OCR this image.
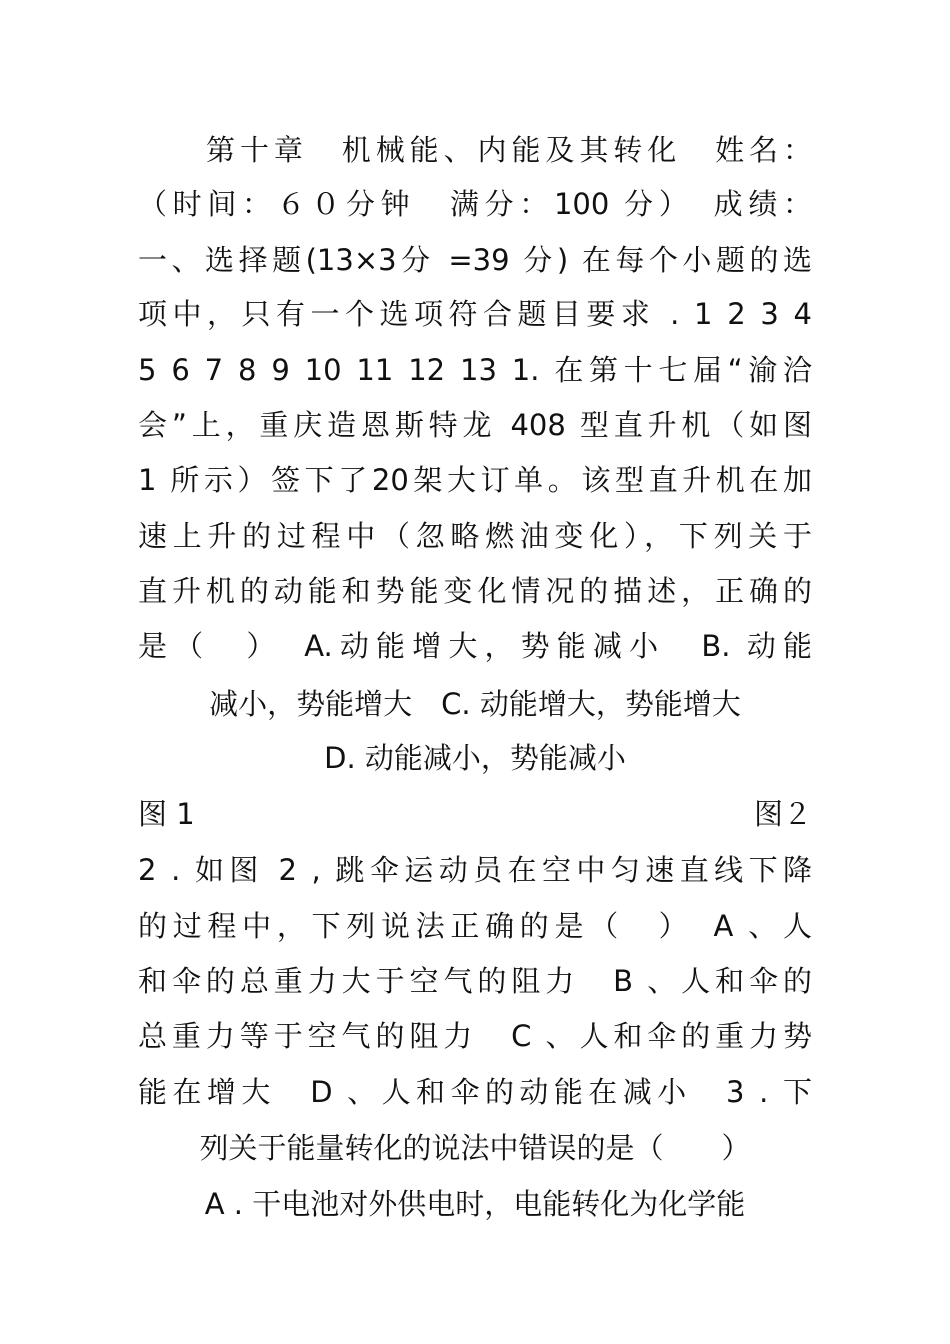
第十章　机械能、内能及其转化　姓名：
（时间：６０分钟　满分：100 分）　成绩：
一、选择题(13×3分 =39 分) 在每个小题的选
项中，只有一个选项符合题目要求 . 1 2 3 4
5 6 7 8 9 10 11 12 13 1. 在第十七届“渝洽
会”上，重庆造恩斯特龙 408 型直升机（如图
1 所示）签下了20架大订单。该型直升机在加
速上升的过程中（忽略燃油变化），下列关于
直升机的动能和势能变化情况的描述，正确的
是（　）　A.动能增大，势能减小　B. 动能
减小，势能增大　C. 动能增大，势能增大
D. 动能减小，势能减小
图 1	图２
2 . 如图 2 , 跳伞运动员在空中匀速直线下降
的过程中，下列说法正确的是（　）　A 、人
和伞的总重力大于空气的阻力　B 、人和伞的
总重力等于空气的阻力　C 、人和伞的重力势
能在增大　D 、人和伞的动能在减小　3 . 下
列关于能量转化的说法中错误的是（　　）
A . 干电池对外供电时，电能转化为化学能
